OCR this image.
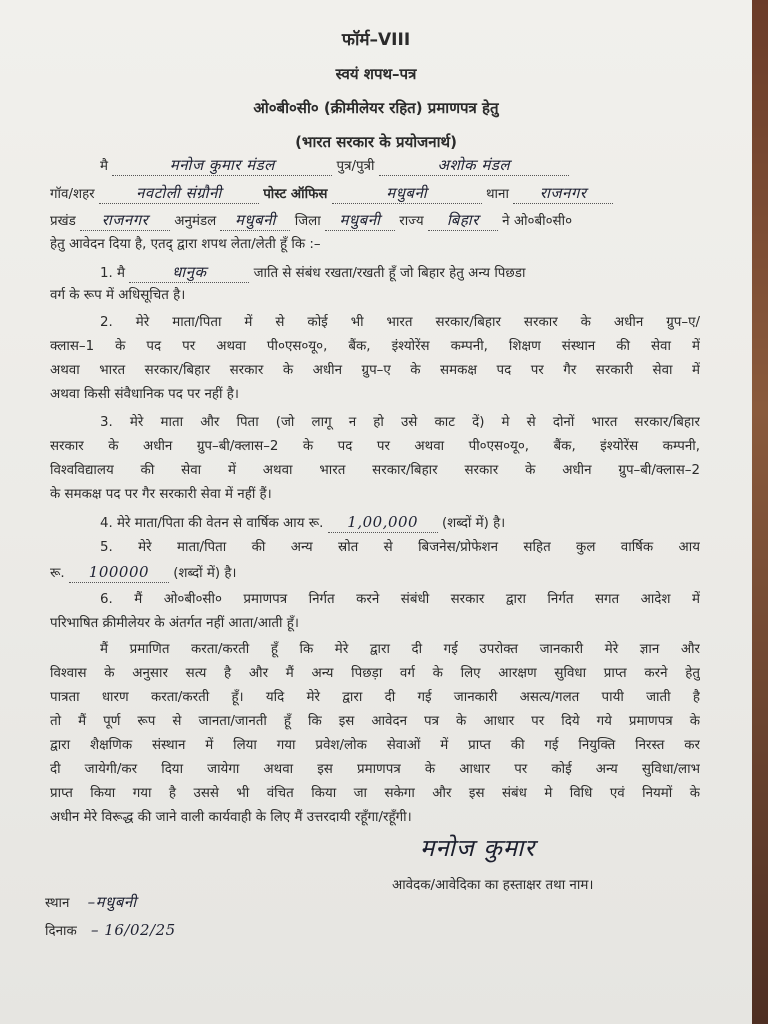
फॉर्म–VIII
स्वयं शपथ–पत्र
ओ०बी०सी० (क्रीमीलेयर रहित) प्रमाणपत्र हेतु
(भारत सरकार के प्रयोजनार्थ)
मै	मनोज कुमार मंडल	पुत्र/पुत्री	अशोक मंडल
गॉव/शहर	नवटोली संग्रौनी	पोस्ट ऑफिस	मधुबनी	थाना राजनगर
प्रखंड राजनगर अनुमंडल मधुबनी जिला मधुबनी राज्य बिहार ने ओ०बी०सी०
हेतु आवेदन दिया है, एतद् द्वारा शपथ लेता/लेती हूँ कि :–
1. मै	धानुक	जाति से संबंध रखता/रखती हूँ जो बिहार हेतु अन्य पिछडा
वर्ग के रूप में अधिसूचित है।
2. मेरे माता/पिता में से कोई भी भारत सरकार/बिहार सरकार के अधीन ग्रुप–ए/
क्लास–1 के पद पर अथवा पी०एस०यू०, बैंक, इंश्योरेंस कम्पनी, शिक्षण संस्थान की सेवा में
अथवा भारत सरकार/बिहार सरकार के अधीन ग्रुप–ए के समकक्ष पद पर गैर सरकारी सेवा में
अथवा किसी संवैधानिक पद पर नहीं है।
3. मेरे माता और पिता (जो लागू न हो उसे काट दें) मे से दोनों भारत सरकार/बिहार
सरकार के अधीन ग्रुप–बी/क्लास–2 के पद पर अथवा पी०एस०यू०, बैंक, इंश्योरेंस कम्पनी,
विश्वविद्यालय की सेवा में अथवा भारत सरकार/बिहार सरकार के अधीन ग्रुप–बी/क्लास–2
के समकक्ष पद पर गैर सरकारी सेवा में नहीं हैं।
4. मेरे माता/पिता की वेतन से वार्षिक आय रू. 1,00,000 (शब्दों में) है।
5. मेरे माता/पिता की अन्य स्रोत से बिजनेस/प्रोफेशन सहित कुल वार्षिक आय
रू. 100000 (शब्दों में) है।
6. मैं ओ०बी०सी० प्रमाणपत्र निर्गत करने संबंधी सरकार द्वारा निर्गत सगत आदेश में
परिभाषित क्रीमीलेयर के अंतर्गत नहीं आता/आती हूँ।
मैं प्रमाणित करता/करती हूँ कि मेरे द्वारा दी गई उपरोक्त जानकारी मेरे ज्ञान और
विश्वास के अनुसार सत्य है और मैं अन्य पिछड़ा वर्ग के लिए आरक्षण सुविधा प्राप्त करने हेतु
पात्रता धारण करता/करती हूँ। यदि मेरे द्वारा दी गई जानकारी असत्य/गलत पायी जाती है
तो मैं पूर्ण रूप से जानता/जानती हूँ कि इस आवेदन पत्र के आधार पर दिये गये प्रमाणपत्र के
द्वारा शैक्षणिक संस्थान में लिया गया प्रवेश/लोक सेवाओं में प्राप्त की गई नियुक्ति निरस्त कर
दी जायेगी/कर दिया जायेगा अथवा इस प्रमाणपत्र के आधार पर कोई अन्य सुविधा/लाभ
प्राप्त किया गया है उससे भी वंचित किया जा सकेगा और इस संबंध मे विधि एवं नियमों के
अधीन मेरे विरूद्ध की जाने वाली कार्यवाही के लिए मैं उत्तरदायी रहूँगा/रहूँगी।
मनोज कुमार
आवेदक/आवेदिका का हस्ताक्षर तथा नाम।
स्थान –मधुबनी
दिनाक – 16/02/25
